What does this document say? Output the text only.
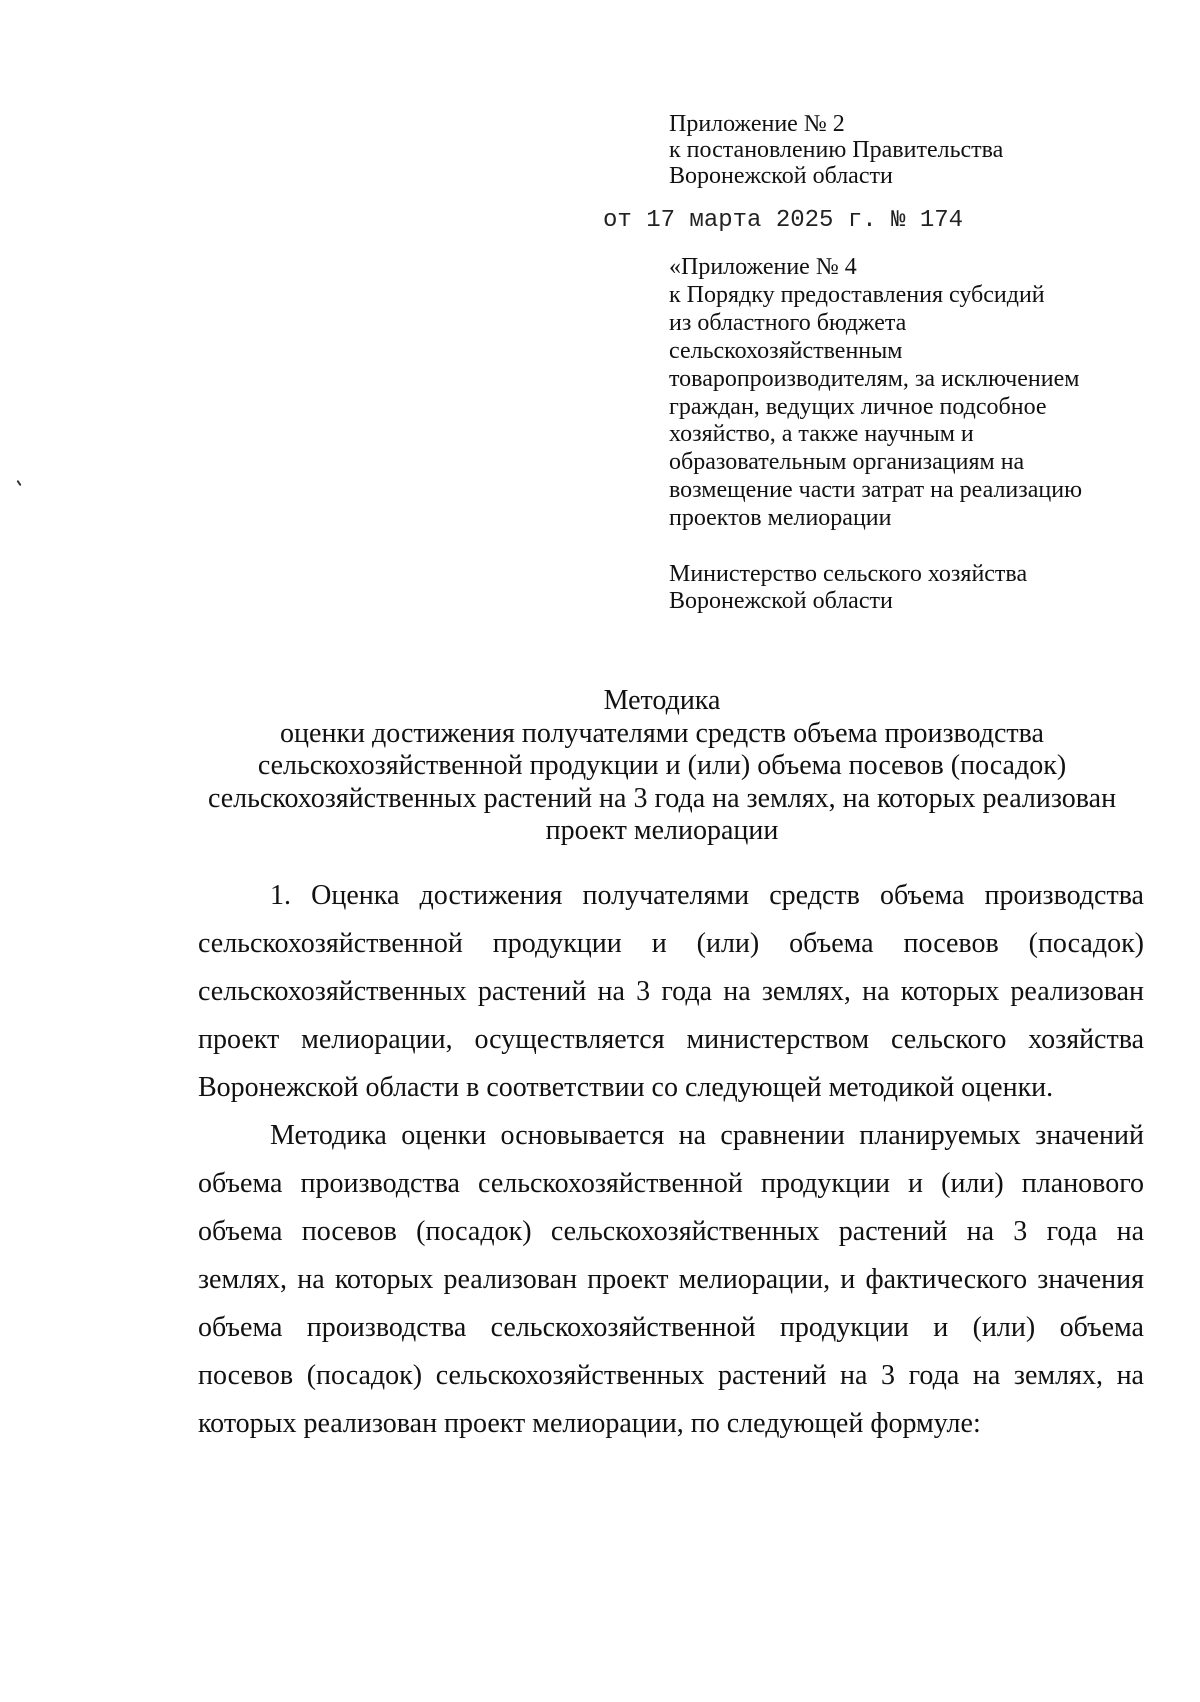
Приложение № 2
к постановлению Правительства
Воронежской области
от 17 марта 2025 г. № 174
«Приложение № 4
к Порядку предоставления субсидий
из областного бюджета
сельскохозяйственным
товаропроизводителям, за исключением
граждан, ведущих личное подсобное
хозяйство, а также научным и
образовательным организациям на
возмещение части затрат на реализацию
проектов мелиорации
Министерство сельского хозяйства
Воронежской области
Методика
оценки достижения получателями средств объема производства
сельскохозяйственной продукции и (или) объема посевов (посадок)
сельскохозяйственных растений на 3 года на землях, на которых реализован
проект мелиорации
1. Оценка достижения получателями средств объема производства
сельскохозяйственной продукции и (или) объема посевов (посадок)
сельскохозяйственных растений на 3 года на землях, на которых реализован
проект мелиорации, осуществляется министерством сельского хозяйства
Воронежской области в соответствии со следующей методикой оценки.
Методика оценки основывается на сравнении планируемых значений
объема производства сельскохозяйственной продукции и (или) планового
объема посевов (посадок) сельскохозяйственных растений на 3 года на
землях, на которых реализован проект мелиорации, и фактического значения
объема производства сельскохозяйственной продукции и (или) объема
посевов (посадок) сельскохозяйственных растений на 3 года на землях, на
которых реализован проект мелиорации, по следующей формуле:
